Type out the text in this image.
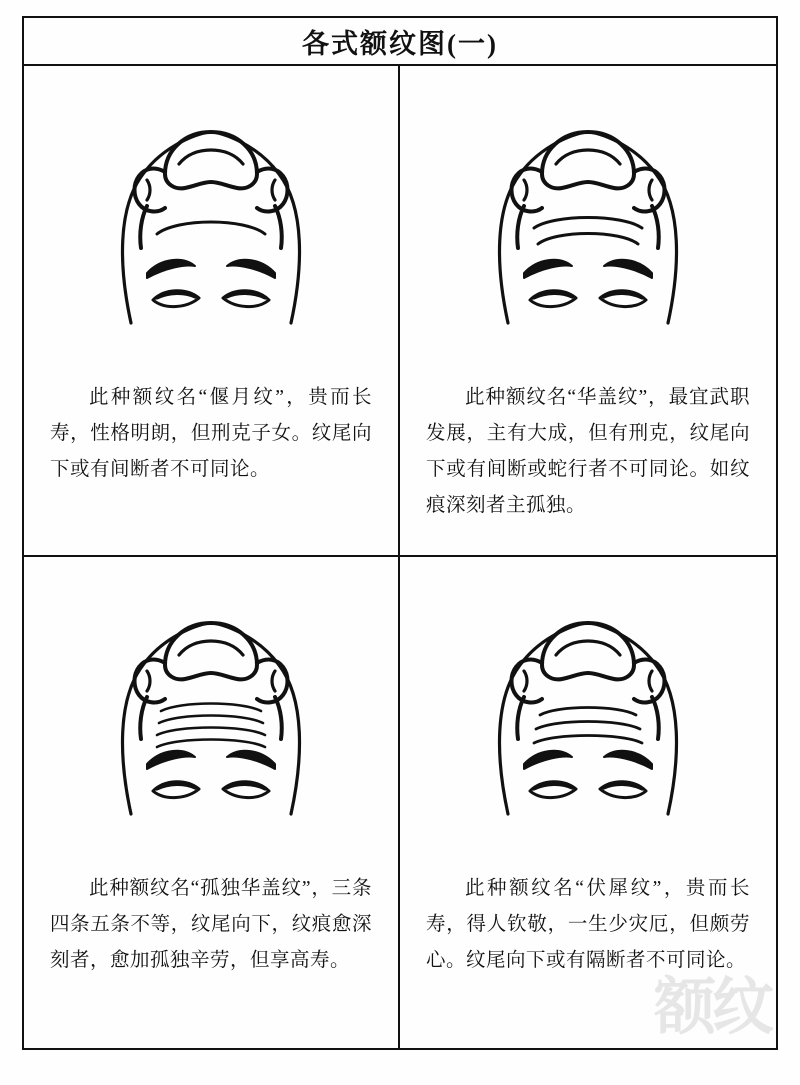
各式额纹图(一)
此种额纹名“偃月纹”，贵而长寿，性格明朗，但刑克子女。纹尾向下或有间断者不可同论。
此种额纹名“华盖纹”，最宜武职发展，主有大成，但有刑克，纹尾向下或有间断或蛇行者不可同论。如纹痕深刻者主孤独。
此种额纹名“孤独华盖纹”，三条四条五条不等，纹尾向下，纹痕愈深刻者，愈加孤独辛劳，但享高寿。
此种额纹名“伏犀纹”，贵而长寿，得人钦敬，一生少灾厄，但颇劳心。纹尾向下或有隔断者不可同论。
额纹
